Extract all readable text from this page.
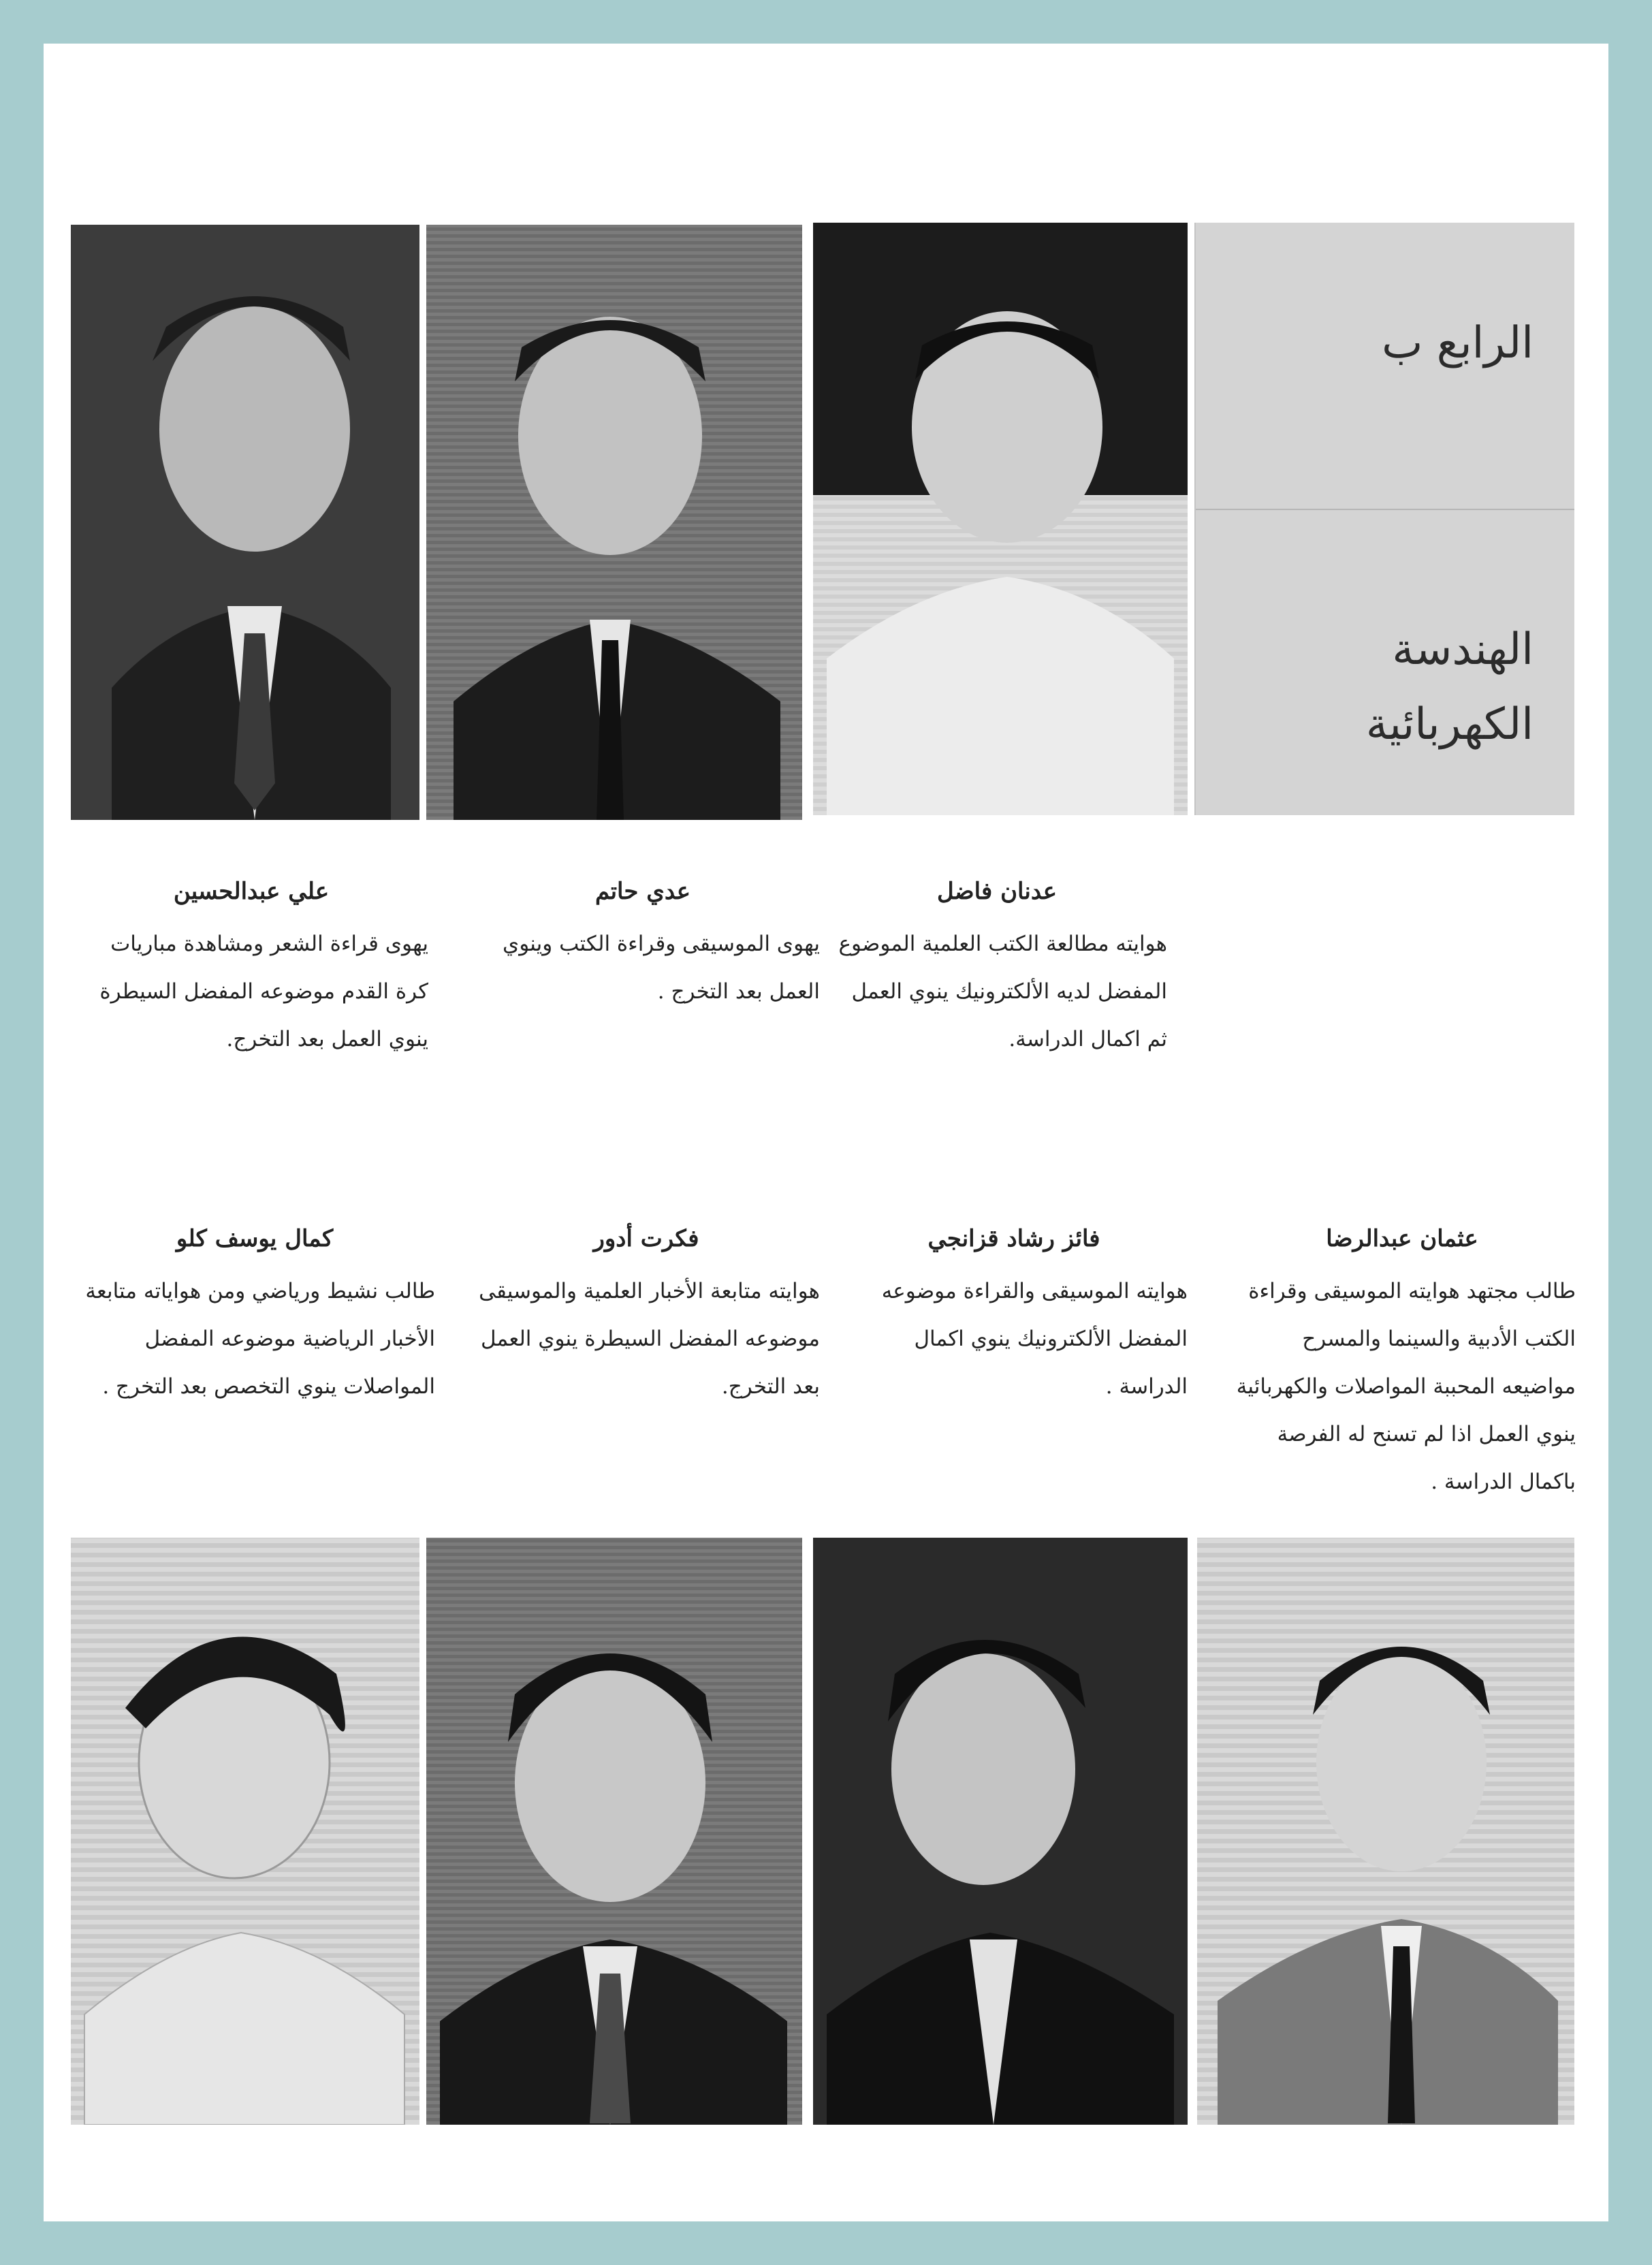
الرابع ب
الهندسة
الكهربائية
عدنان فاضل
هوايته مطالعة الكتب العلمية الموضوع المفضل لديه الألكترونيك ينوي العمل ثم اكمال الدراسة.
عدي حاتم
يهوى الموسيقى وقراءة الكتب وينوي العمل بعد التخرج .
علي عبدالحسين
يهوى قراءة الشعر ومشاهدة مباريات كرة القدم موضوعه المفضل السيطرة ينوي العمل بعد التخرج.
عثمان عبدالرضا
طالب مجتهد هوايته الموسيقى وقراءة الكتب الأدبية والسينما والمسرح مواضيعه المحببة المواصلات والكهربائية ينوي العمل اذا لم تسنح له الفرصة باكمال الدراسة .
فائز رشاد قزانجي
هوايته الموسيقى والقراءة موضوعه المفضل الألكترونيك ينوي اكمال الدراسة .
فكرت أدور
هوايته متابعة الأخبار العلمية والموسيقى موضوعه المفضل السيطرة ينوي العمل بعد التخرج.
كمال يوسف كلو
طالب نشيط ورياضي ومن هواياته متابعة الأخبار الرياضية موضوعه المفضل المواصلات ينوي التخصص بعد التخرج .
